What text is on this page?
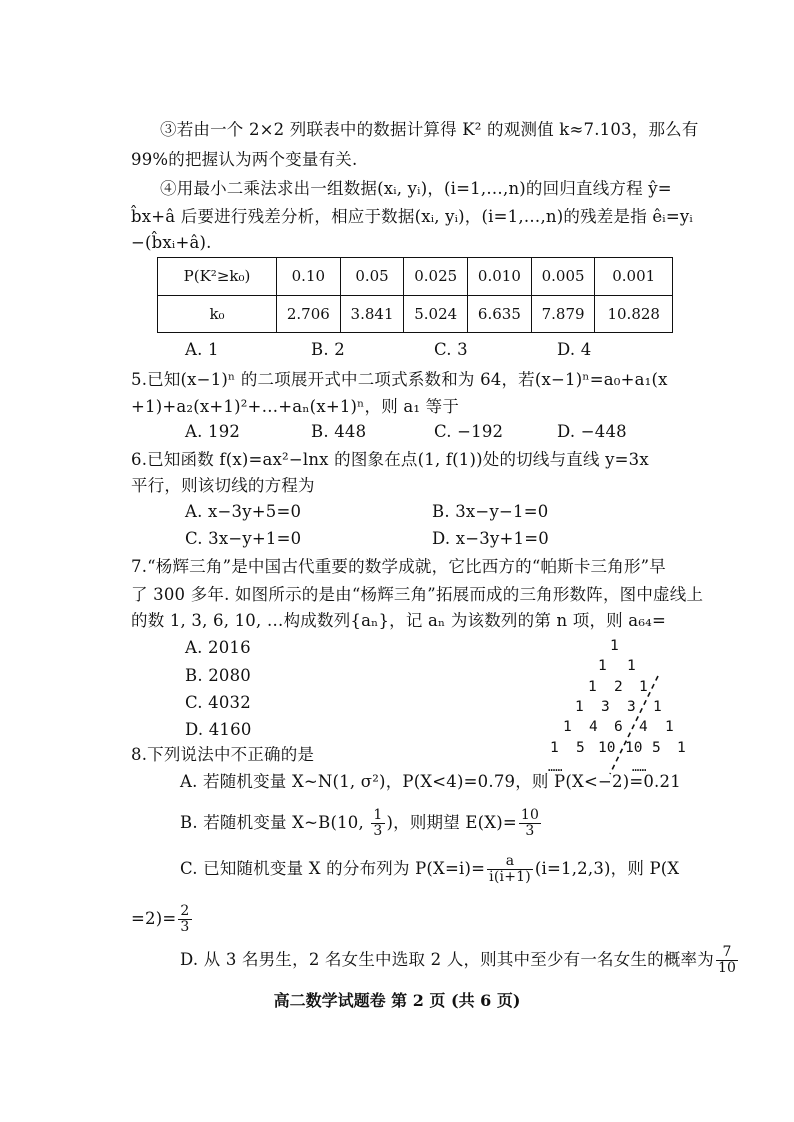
③若由一个 2×2 列联表中的数据计算得 K² 的观测值 k≈7.103，那么有
99%的把握认为两个变量有关.
④用最小二乘法求出一组数据(xᵢ, yᵢ)，(i=1,…,n)的回归直线方程 ŷ=
b̂x+â 后要进行残差分析，相应于数据(xᵢ, yᵢ)，(i=1,…,n)的残差是指 êᵢ=yᵢ
−(b̂xᵢ+â).
P(K²≥k₀)	0.10	0.05	0.025	0.010	0.005	0.001
k₀	2.706	3.841	5.024	6.635	7.879	10.828
A. 1	B. 2	C. 3	D. 4
5.已知(x−1)ⁿ 的二项展开式中二项式系数和为 64，若(x−1)ⁿ=a₀+a₁(x
+1)+a₂(x+1)²+…+aₙ(x+1)ⁿ，则 a₁ 等于
A. 192	B. 448	C. −192	D. −448
6.已知函数 f(x)=ax²−lnx 的图象在点(1, f(1))处的切线与直线 y=3x
平行，则该切线的方程为
A. x−3y+5=0	B. 3x−y−1=0
C. 3x−y+1=0	D. x−3y+1=0
7.“杨辉三角”是中国古代重要的数学成就，它比西方的“帕斯卡三角形”早
了 300 多年. 如图所示的是由“杨辉三角”拓展而成的三角形数阵，图中虚线上
的数 1, 3, 6, 10, …构成数列{aₙ}，记 aₙ 为该数列的第 n 项，则 a₆₄=
A. 2016
B. 2080
C. 4032
D. 4160
1
1 1
1 2 1
1 3 3 1
1 4 6 4 1
1 5 10 10 5 1
……	……
8.下列说法中不正确的是
A. 若随机变量 X~N(1, σ²)，P(X<4)=0.79，则 P(X<−2)=0.21
B. 若随机变量 X~B(10, $\frac{1}{3}$ )，则期望 $E(X)= \frac{10}{3}$
C. 已知随机变量 X 的分布列为 $P(X=i)= \frac{a}{i(i+1)} (i=1,2,3)$，则 P(X
$=2)= \frac{2}{3}$
D. 从 3 名男生，2 名女生中选取 2 人，则其中至少有一名女生的概率为 $\frac{7}{10}$
高二数学试题卷 第 2 页 (共 6 页)
